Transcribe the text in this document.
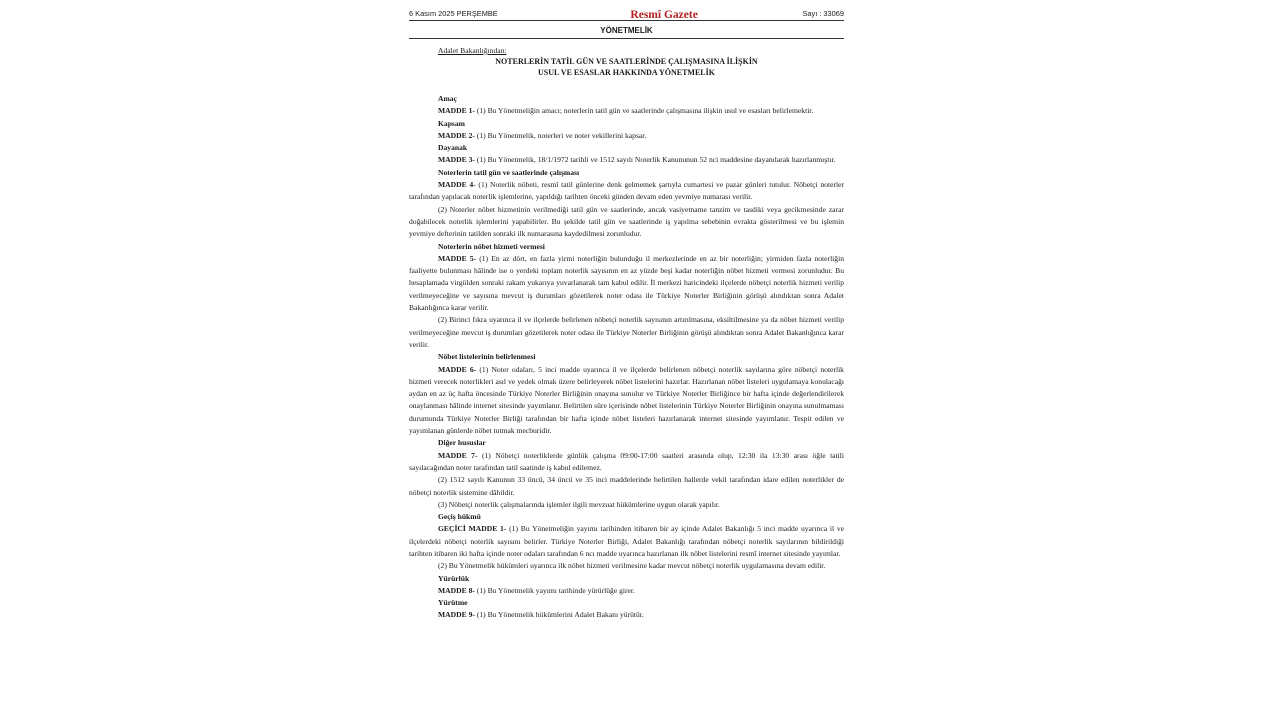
6 Kasım 2025 PERŞEMBE	Resmî Gazete	Sayı : 33069
YÖNETMELİK
Adalet Bakanlığından:
NOTERLERİN TATİL GÜN VE SAATLERİNDE ÇALIŞMASINA İLİŞKİN
USUL VE ESASLAR HAKKINDA YÖNETMELİK
Amaç
MADDE 1- (1) Bu Yönetmeliğin amacı; noterlerin tatil gün ve saatlerinde çalışmasına ilişkin usul ve esasları belirlemektir.
Kapsam
MADDE 2- (1) Bu Yönetmelik, noterleri ve noter vekillerini kapsar.
Dayanak
MADDE 3- (1) Bu Yönetmelik, 18/1/1972 tarihli ve 1512 sayılı Noterlik Kanununun 52 nci maddesine dayanılarak hazırlanmıştır.
Noterlerin tatil gün ve saatlerinde çalışması
MADDE 4- (1) Noterlik nöbeti, resmî tatil günlerine denk gelmemek şartıyla cumartesi ve pazar günleri tutulur. Nöbetçi noterler tarafından yapılacak noterlik işlemlerine, yapıldığı tarihten önceki günden devam eden yevmiye numarası verilir.
(2) Noterler nöbet hizmetinin verilmediği tatil gün ve saatlerinde, ancak vasiyetname tanzim ve tasdiki veya gecikmesinde zarar doğabilecek noterlik işlemlerini yapabilirler. Bu şekilde tatil gün ve saatlerinde iş yapılma sebebinin evrakta gösterilmesi ve bu işlemin yevmiye defterinin tatilden sonraki ilk numarasına kaydedilmesi zorunludur.
Noterlerin nöbet hizmeti vermesi
MADDE 5- (1) En az dört, en fazla yirmi noterliğin bulunduğu il merkezlerinde en az bir noterliğin; yirmiden fazla noterliğin faaliyette bulunması hâlinde ise o yerdeki toplam noterlik sayısının en az yüzde beşi kadar noterliğin nöbet hizmeti vermesi zorunludur. Bu hesaplamada virgülden sonraki rakam yukarıya yuvarlanarak tam kabul edilir. İl merkezi haricindeki ilçelerde nöbetçi noterlik hizmeti verilip verilmeyeceğine ve sayısına mevcut iş durumları gözetilerek noter odası ile Türkiye Noterler Birliğinin görüşü alındıktan sonra Adalet Bakanlığınca karar verilir.
(2) Birinci fıkra uyarınca il ve ilçelerde belirlenen nöbetçi noterlik sayısının artırılmasına, eksiltilmesine ya da nöbet hizmeti verilip verilmeyeceğine mevcut iş durumları gözetilerek noter odası ile Türkiye Noterler Birliğinin görüşü alındıktan sonra Adalet Bakanlığınca karar verilir.
Nöbet listelerinin belirlenmesi
MADDE 6- (1) Noter odaları, 5 inci madde uyarınca il ve ilçelerde belirlenen nöbetçi noterlik sayılarına göre nöbetçi noterlik hizmeti verecek noterlikleri asıl ve yedek olmak üzere belirleyerek nöbet listelerini hazırlar. Hazırlanan nöbet listeleri uygulamaya konulacağı aydan en az üç hafta öncesinde Türkiye Noterler Birliğinin onayına sunulur ve Türkiye Noterler Birliğince bir hafta içinde değerlendirilerek onaylanması hâlinde internet sitesinde yayımlanır. Belirtilen süre içerisinde nöbet listelerinin Türkiye Noterler Birliğinin onayına sunulmaması durumunda Türkiye Noterler Birliği tarafından bir hafta içinde nöbet listeleri hazırlanarak internet sitesinde yayımlanır. Tespit edilen ve yayımlanan günlerde nöbet tutmak mecburidir.
Diğer hususlar
MADDE 7- (1) Nöbetçi noterliklerde günlük çalışma 09:00-17:00 saatleri arasında olup, 12:30 ila 13:30 arası öğle tatili sayılacağından noter tarafından tatil saatinde iş kabul edilemez.
(2) 1512 sayılı Kanunun 33 üncü, 34 üncü ve 35 inci maddelerinde belirtilen hallerde vekil tarafından idare edilen noterlikler de nöbetçi noterlik sistemine dâhildir.
(3) Nöbetçi noterlik çalışmalarında işlemler ilgili mevzuat hükümlerine uygun olarak yapılır.
Geçiş hükmü
GEÇİCİ MADDE 1- (1) Bu Yönetmeliğin yayımı tarihinden itibaren bir ay içinde Adalet Bakanlığı 5 inci madde uyarınca il ve ilçelerdeki nöbetçi noterlik sayısını belirler. Türkiye Noterler Birliği, Adalet Bakanlığı tarafından nöbetçi noterlik sayılarının bildirildiği tarihten itibaren iki hafta içinde noter odaları tarafından 6 ncı madde uyarınca hazırlanan ilk nöbet listelerini resmî internet sitesinde yayımlar.
(2) Bu Yönetmelik hükümleri uyarınca ilk nöbet hizmeti verilmesine kadar mevcut nöbetçi noterlik uygulamasına devam edilir.
Yürürlük
MADDE 8- (1) Bu Yönetmelik yayımı tarihinde yürürlüğe girer.
Yürütme
MADDE 9- (1) Bu Yönetmelik hükümlerini Adalet Bakanı yürütür.
